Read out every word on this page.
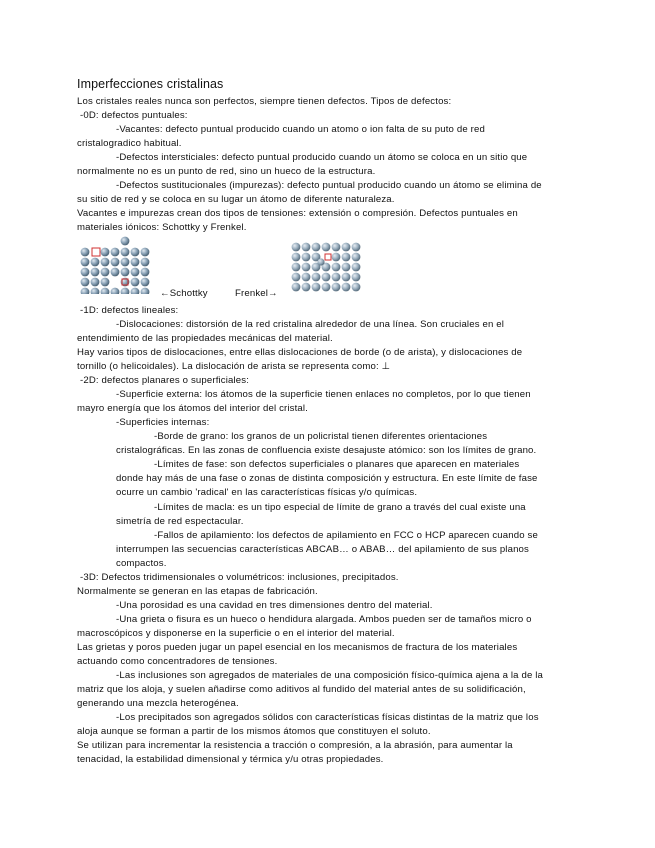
Imperfecciones cristalinas
Los cristales reales nunca son perfectos, siempre tienen defectos. Tipos de defectos:
-0D: defectos puntuales:
-Vacantes: defecto puntual producido cuando un atomo o ion falta de su puto de red
cristalogradico habitual.
-Defectos intersticiales: defecto puntual producido cuando un átomo se coloca en un sitio que
normalmente no es un punto de red, sino un hueco de la estructura.
-Defectos sustitucionales (impurezas): defecto puntual producido cuando un átomo se elimina de
su sitio de red y se coloca en su lugar un átomo de diferente naturaleza.
Vacantes e impurezas crean dos tipos de tensiones: extensión o compresión. Defectos puntuales en
materiales iónicos: Schottky y Frenkel.
←Schottky	Frenkel→
-1D: defectos lineales:
-Dislocaciones: distorsión de la red cristalina alrededor de una línea. Son cruciales en el
entendimiento de las propiedades mecánicas del material.
Hay varios tipos de dislocaciones, entre ellas dislocaciones de borde (o de arista), y dislocaciones de
tornillo (o helicoidales). La dislocación de arista se representa como: ⊥
-2D: defectos planares o superficiales:
-Superficie externa: los átomos de la superficie tienen enlaces no completos, por lo que tienen
mayro energía que los átomos del interior del cristal.
-Superficies internas:
-Borde de grano: los granos de un policristal tienen diferentes orientaciones
cristalográficas. En las zonas de confluencia existe desajuste atómico: son los límites de grano.
-Límites de fase: son defectos superficiales o planares que aparecen en materiales
donde hay más de una fase o zonas de distinta composición y estructura. En este límite de fase
ocurre un cambio 'radical' en las características físicas y/o químicas.
-Límites de macla: es un tipo especial de límite de grano a través del cual existe una
simetría de red espectacular.
-Fallos de apilamiento: los defectos de apilamiento en FCC o HCP aparecen cuando se
interrumpen las secuencias características ABCAB… o ABAB… del apilamiento de sus planos
compactos.
-3D: Defectos tridimensionales o volumétricos: inclusiones, precipitados.
Normalmente se generan en las etapas de fabricación.
-Una porosidad es una cavidad en tres dimensiones dentro del material.
-Una grieta o fisura es un hueco o hendidura alargada. Ambos pueden ser de tamaños micro o
macroscópicos y disponerse en la superficie o en el interior del material.
Las grietas y poros pueden jugar un papel esencial en los mecanismos de fractura de los materiales
actuando como concentradores de tensiones.
-Las inclusiones son agregados de materiales de una composición físico-química ajena a la de la
matriz que los aloja, y suelen añadirse como aditivos al fundido del material antes de su solidificación,
generando una mezcla heterogénea.
-Los precipitados son agregados sólidos con características físicas distintas de la matriz que los
aloja aunque se forman a partir de los mismos átomos que constituyen el soluto.
Se utilizan para incrementar la resistencia a tracción o compresión, a la abrasión, para aumentar la
tenacidad, la estabilidad dimensional y térmica y/u otras propiedades.
